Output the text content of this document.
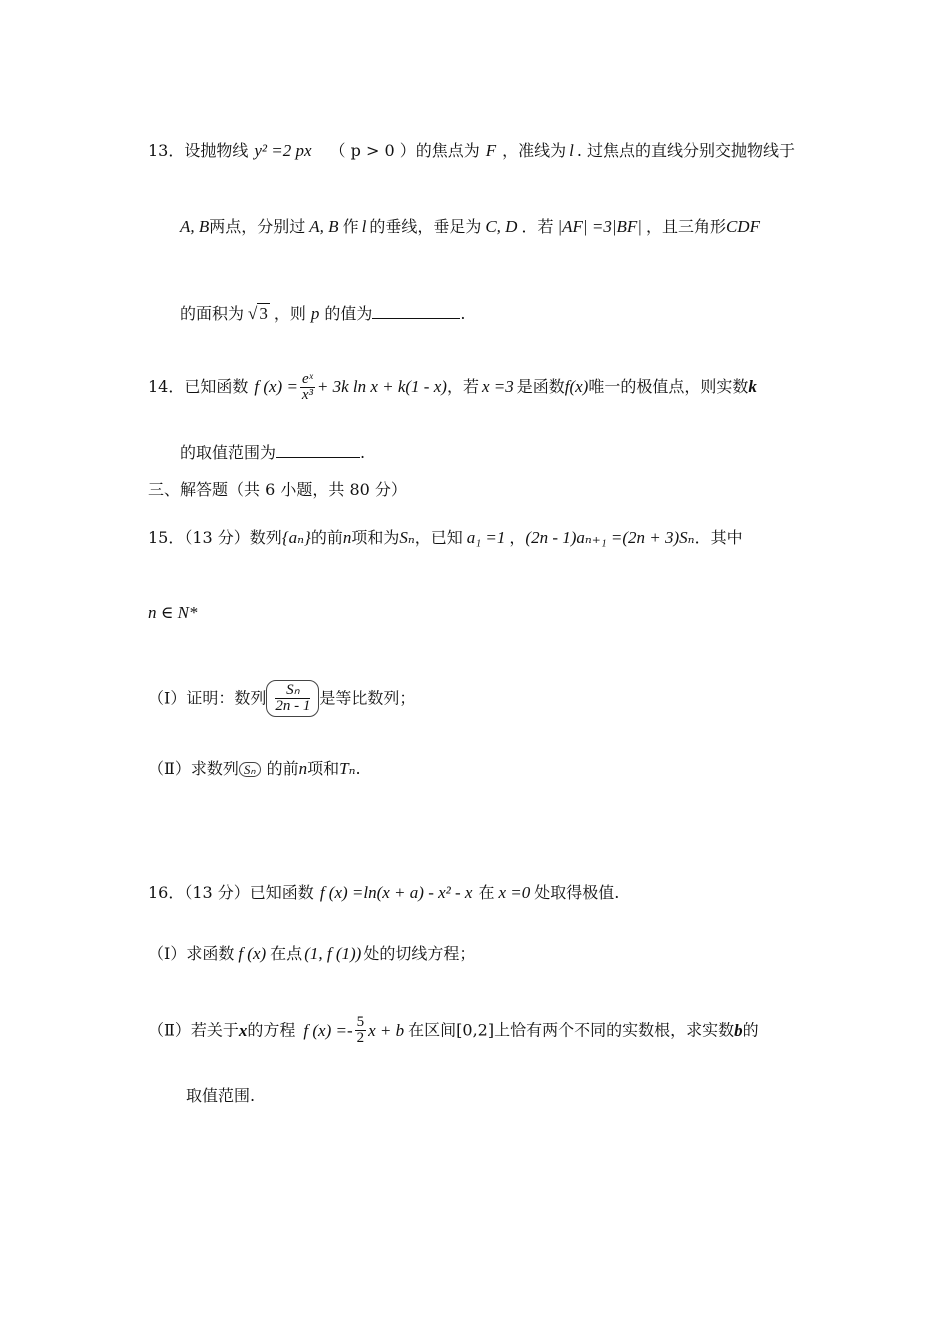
13．设抛物线 y² =2 px （ p > 0 ）的焦点为 F ，准线为 l . 过焦点的直线分别交抛物线于
A, B两点，分别过 A, B 作 l 的垂线，垂足为 C, D ．若 |AF| =3|BF| ，且三角形CDF
的面积为 √ 3 ，则 p 的值为	.
14．已知函数 f $(x) = \frac{\text{eˣ}}{\text{x³}} + 3k$ ln x + k(1 - x)，若 x =3 是函数f(x)唯一的极值点，则实数k
的取值范围为	.
三、解答题（共 6 小题，共 80 分）
15．（13 分）数列{aₙ}的前n项和为Sₙ，已知 a₁ =1 ，(2n - 1)aₙ₊₁ =(2n + 3)Sₙ．其中
n ∈ N*
（Ⅰ）证明：数列 $\frac{\text{Sₙ}}{2n - 1}$ 是等比数列；
（Ⅱ）求数列 Sₙ 的前n项和Tₙ.
16．（13 分）已知函数 f (x) =ln(x + a) - x² - x 在 x =0 处取得极值.
（Ⅰ）求函数 f (x) 在点 (1, f (1)) 处的切线方程；
（Ⅱ）若关于x的方程 f $(x) =- \frac{5}{2}$ x + b 在区间[0,2]上恰有两个不同的实数根，求实数b的
取值范围.
